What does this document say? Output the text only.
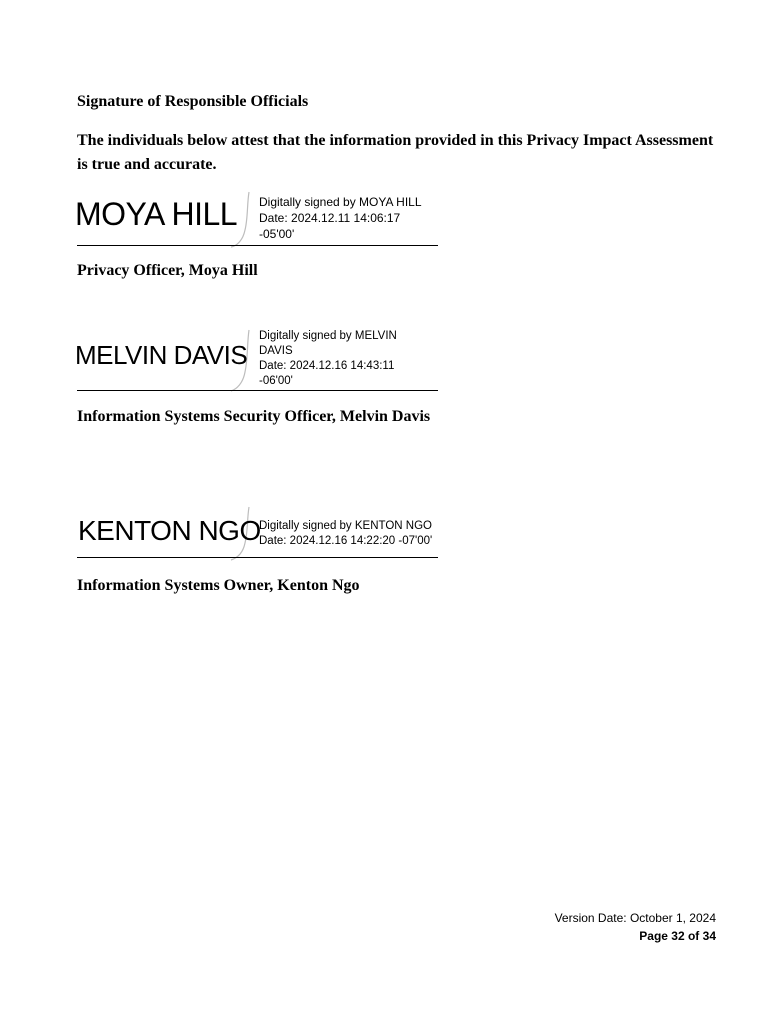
Signature of Responsible Officials
The individuals below attest that the information provided in this Privacy Impact Assessment is true and accurate.
MOYA HILL Digitally signed by MOYA HILL
Date: 2024.12.11 14:06:17
-05'00'
Privacy Officer, Moya Hill
MELVIN DAVIS
Digitally signed by MELVIN
DAVIS
Date: 2024.12.16 14:43:11
-06'00'
Information Systems Security Officer, Melvin Davis
KENTON NGO
Digitally signed by KENTON NGO
Date: 2024.12.16 14:22:20 -07'00'
Information Systems Owner, Kenton Ngo
Version Date: October 1, 2024
Page 32 of 34
